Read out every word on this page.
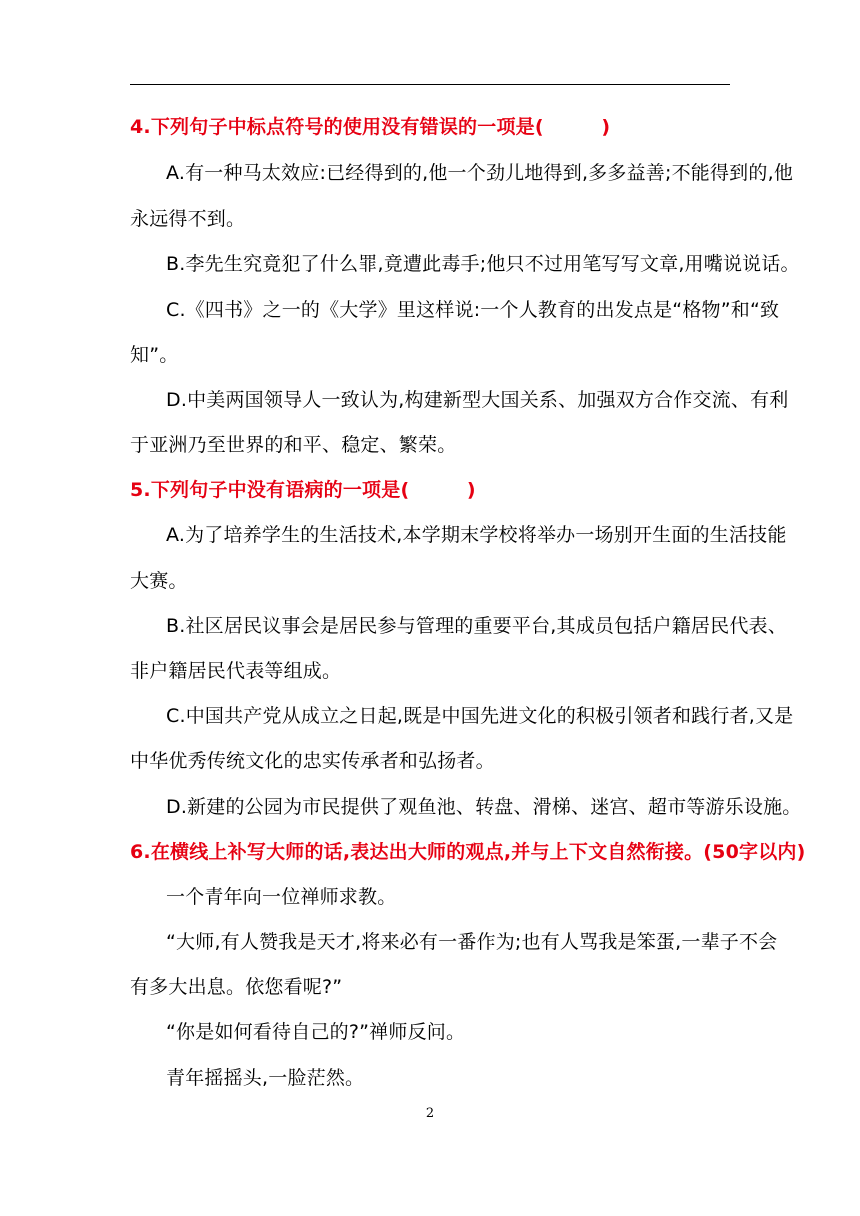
4.下列句子中标点符号的使用没有错误的一项是(　　　)
A.有一种马太效应:已经得到的,他一个劲儿地得到,多多益善;不能得到的,他
永远得不到。
B.李先生究竟犯了什么罪,竟遭此毒手;他只不过用笔写写文章,用嘴说说话。
C.《四书》之一的《大学》里这样说:一个人教育的出发点是“格物”和“致
知”。
D.中美两国领导人一致认为,构建新型大国关系、加强双方合作交流、有利
于亚洲乃至世界的和平、稳定、繁荣。
5.下列句子中没有语病的一项是(　　　)
A.为了培养学生的生活技术,本学期末学校将举办一场别开生面的生活技能
大赛。
B.社区居民议事会是居民参与管理的重要平台,其成员包括户籍居民代表、
非户籍居民代表等组成。
C.中国共产党从成立之日起,既是中国先进文化的积极引领者和践行者,又是
中华优秀传统文化的忠实传承者和弘扬者。
D.新建的公园为市民提供了观鱼池、转盘、滑梯、迷宫、超市等游乐设施。
6.在横线上补写大师的话,表达出大师的观点,并与上下文自然衔接。(50字以内)
一个青年向一位禅师求教。
“大师,有人赞我是天才,将来必有一番作为;也有人骂我是笨蛋,一辈子不会
有多大出息。依您看呢?”
“你是如何看待自己的?”禅师反问。
青年摇摇头,一脸茫然。
2
